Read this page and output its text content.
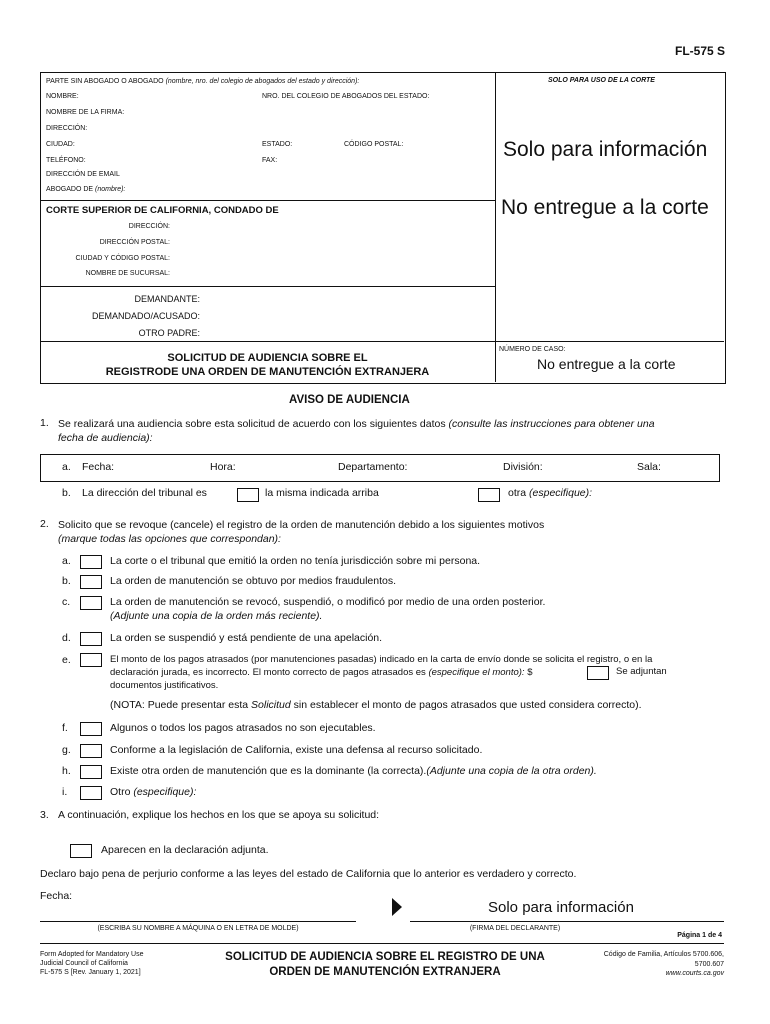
FL-575 S
PARTE SIN ABOGADO O ABOGADO (nombre, nro. del colegio de abogados del estado y dirección):	SOLO PARA USO DE LA CORTE
NOMBRE:	NRO. DEL COLEGIO DE ABOGADOS DEL ESTADO:
NOMBRE DE LA FIRMA:
DIRECCIÓN:
CIUDAD:	ESTADO:	CÓDIGO POSTAL:
TELÉFONO:	FAX:
DIRECCIÓN DE EMAIL
ABOGADO DE (nombre):
CORTE SUPERIOR DE CALIFORNIA, CONDADO DE
DIRECCIÓN:
DIRECCIÓN POSTAL:
CIUDAD Y CÓDIGO POSTAL:
NOMBRE DE SUCURSAL:
DEMANDANTE:
DEMANDADO/ACUSADO:
OTRO PADRE:
SOLICITUD DE AUDIENCIA SOBRE EL
REGISTRODE UNA ORDEN DE MANUTENCIÓN EXTRANJERA
NÚMERO DE CASO:
No entregue a la corte
Solo para información
No entregue a la corte
AVISO DE AUDIENCIA
1. Se realizará una audiencia sobre esta solicitud de acuerdo con los siguientes datos (consulte las instrucciones para obtener una
fecha de audiencia):
a. Fecha:	Hora:	Departamento:	División:	Sala:
b. La dirección del tribunal es	la misma indicada arriba	otra (especifique):
2. Solicito que se revoque (cancele) el registro de la orden de manutención debido a los siguientes motivos
(marque todas las opciones que correspondan):
a.	La corte o el tribunal que emitió la orden no tenía jurisdicción sobre mi persona.
b.	La orden de manutención se obtuvo por medios fraudulentos.
c.	La orden de manutención se revocó, suspendió, o modificó por medio de una orden posterior.
(Adjunte una copia de la orden más reciente).
d.	La orden se suspendió y está pendiente de una apelación.
e.	El monto de los pagos atrasados (por manutenciones pasadas) indicado en la carta de envío donde se solicita el registro, o en la
declaración jurada, es incorrecto. El monto correcto de pagos atrasados es (especifique el monto): $
documentos justificativos.
Se adjuntan
(NOTA: Puede presentar esta Solicitud sin establecer el monto de pagos atrasados que usted considera correcto).
f.	Algunos o todos los pagos atrasados no son ejecutables.
g.	Conforme a la legislación de California, existe una defensa al recurso solicitado.
h.	Existe otra orden de manutención que es la dominante (la correcta).(Adjunte una copia de la otra orden).
i.	Otro (especifique):
3. A continuación, explique los hechos en los que se apoya su solicitud:
Aparecen en la declaración adjunta.
Declaro bajo pena de perjurio conforme a las leyes del estado de California que lo anterior es verdadero y correcto.
Fecha:
(ESCRIBA SU NOMBRE A MÁQUINA O EN LETRA DE MOLDE)
Solo para información
(FIRMA DEL DECLARANTE)
Página 1 de 4
Form Adopted for Mandatory Use
Judicial Council of California
FL-575 S [Rev. January 1, 2021]
SOLICITUD DE AUDIENCIA SOBRE EL REGISTRO DE UNA
ORDEN DE MANUTENCIÓN EXTRANJERA
Código de Familia, Artículos 5700.606,
5700.607
www.courts.ca.gov
